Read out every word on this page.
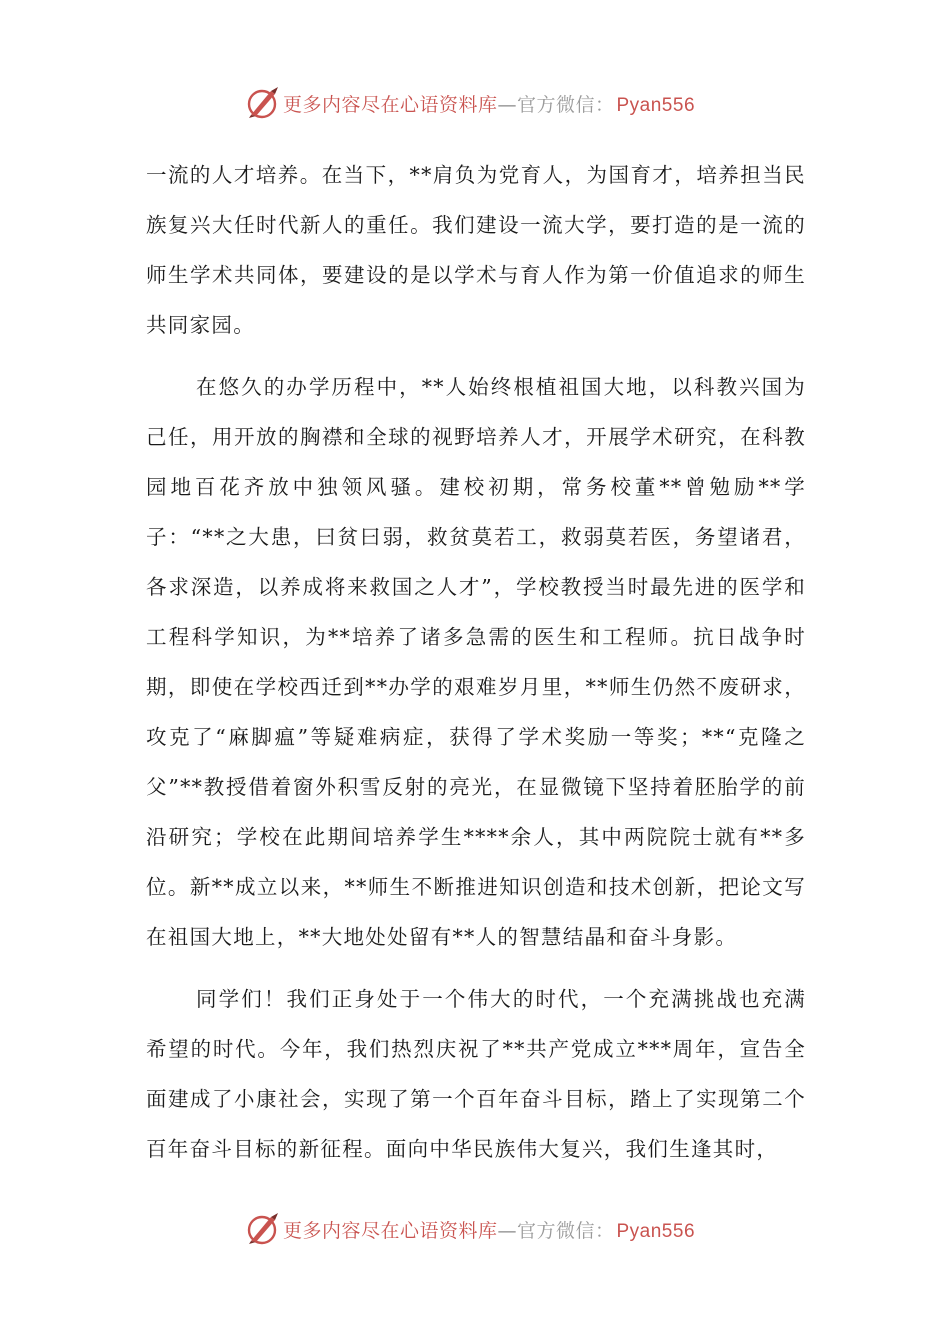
更多内容尽在心语资料库—官方微信： Pyan556

一流的人才培养。在当下，**肩负为党育人，为国育才，培养担当民族复兴大任时代新人的重任。我们建设一流大学，要打造的是一流的师生学术共同体，要建设的是以学术与育人作为第一价值追求的师生共同家园。

在悠久的办学历程中，**人始终根植祖国大地，以科教兴国为己任，用开放的胸襟和全球的视野培养人才，开展学术研究，在科教园地百花齐放中独领风骚。建校初期，常务校董**曾勉励**学子：“**之大患，曰贫曰弱，救贫莫若工，救弱莫若医，务望诸君，各求深造，以养成将来救国之人才”，学校教授当时最先进的医学和工程科学知识，为**培养了诸多急需的医生和工程师。抗日战争时期，即使在学校西迁到**办学的艰难岁月里，**师生仍然不废研求，攻克了“麻脚瘟”等疑难病症，获得了学术奖励一等奖；**“克隆之父”**教授借着窗外积雪反射的亮光，在显微镜下坚持着胚胎学的前沿研究；学校在此期间培养学生****余人，其中两院院士就有**多位。新**成立以来，**师生不断推进知识创造和技术创新，把论文写在祖国大地上，**大地处处留有**人的智慧结晶和奋斗身影。

同学们！我们正身处于一个伟大的时代，一个充满挑战也充满希望的时代。今年，我们热烈庆祝了**共产党成立***周年，宣告全面建成了小康社会，实现了第一个百年奋斗目标，踏上了实现第二个百年奋斗目标的新征程。面向中华民族伟大复兴，我们生逢其时，

更多内容尽在心语资料库—官方微信： Pyan556
